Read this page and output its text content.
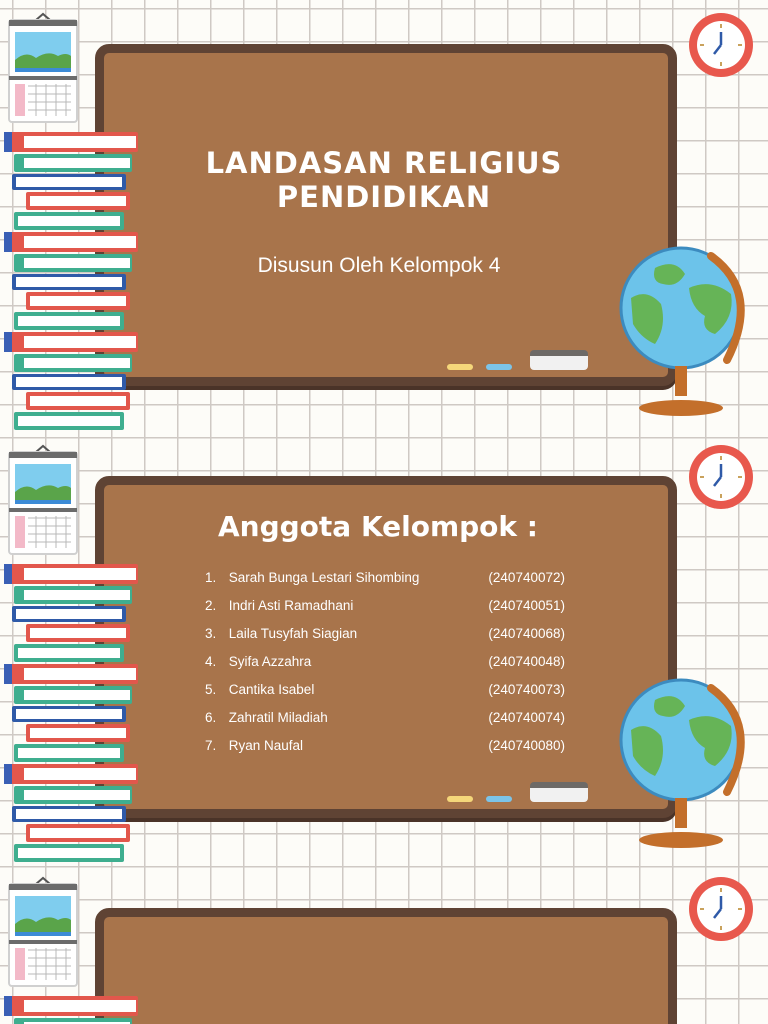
LANDASAN RELIGIUS
PENDIDIKAN
Disusun Oleh Kelompok 4
Anggota Kelompok :
1. Sarah Bunga Lestari Sihombing	(240740072)
2. Indri Asti Ramadhani	(240740051)
3. Laila Tusyfah Siagian	(240740068)
4. Syifa Azzahra	(240740048)
5. Cantika Isabel	(240740073)
6. Zahratil Miladiah	(240740074)
7. Ryan Naufal	(240740080)
